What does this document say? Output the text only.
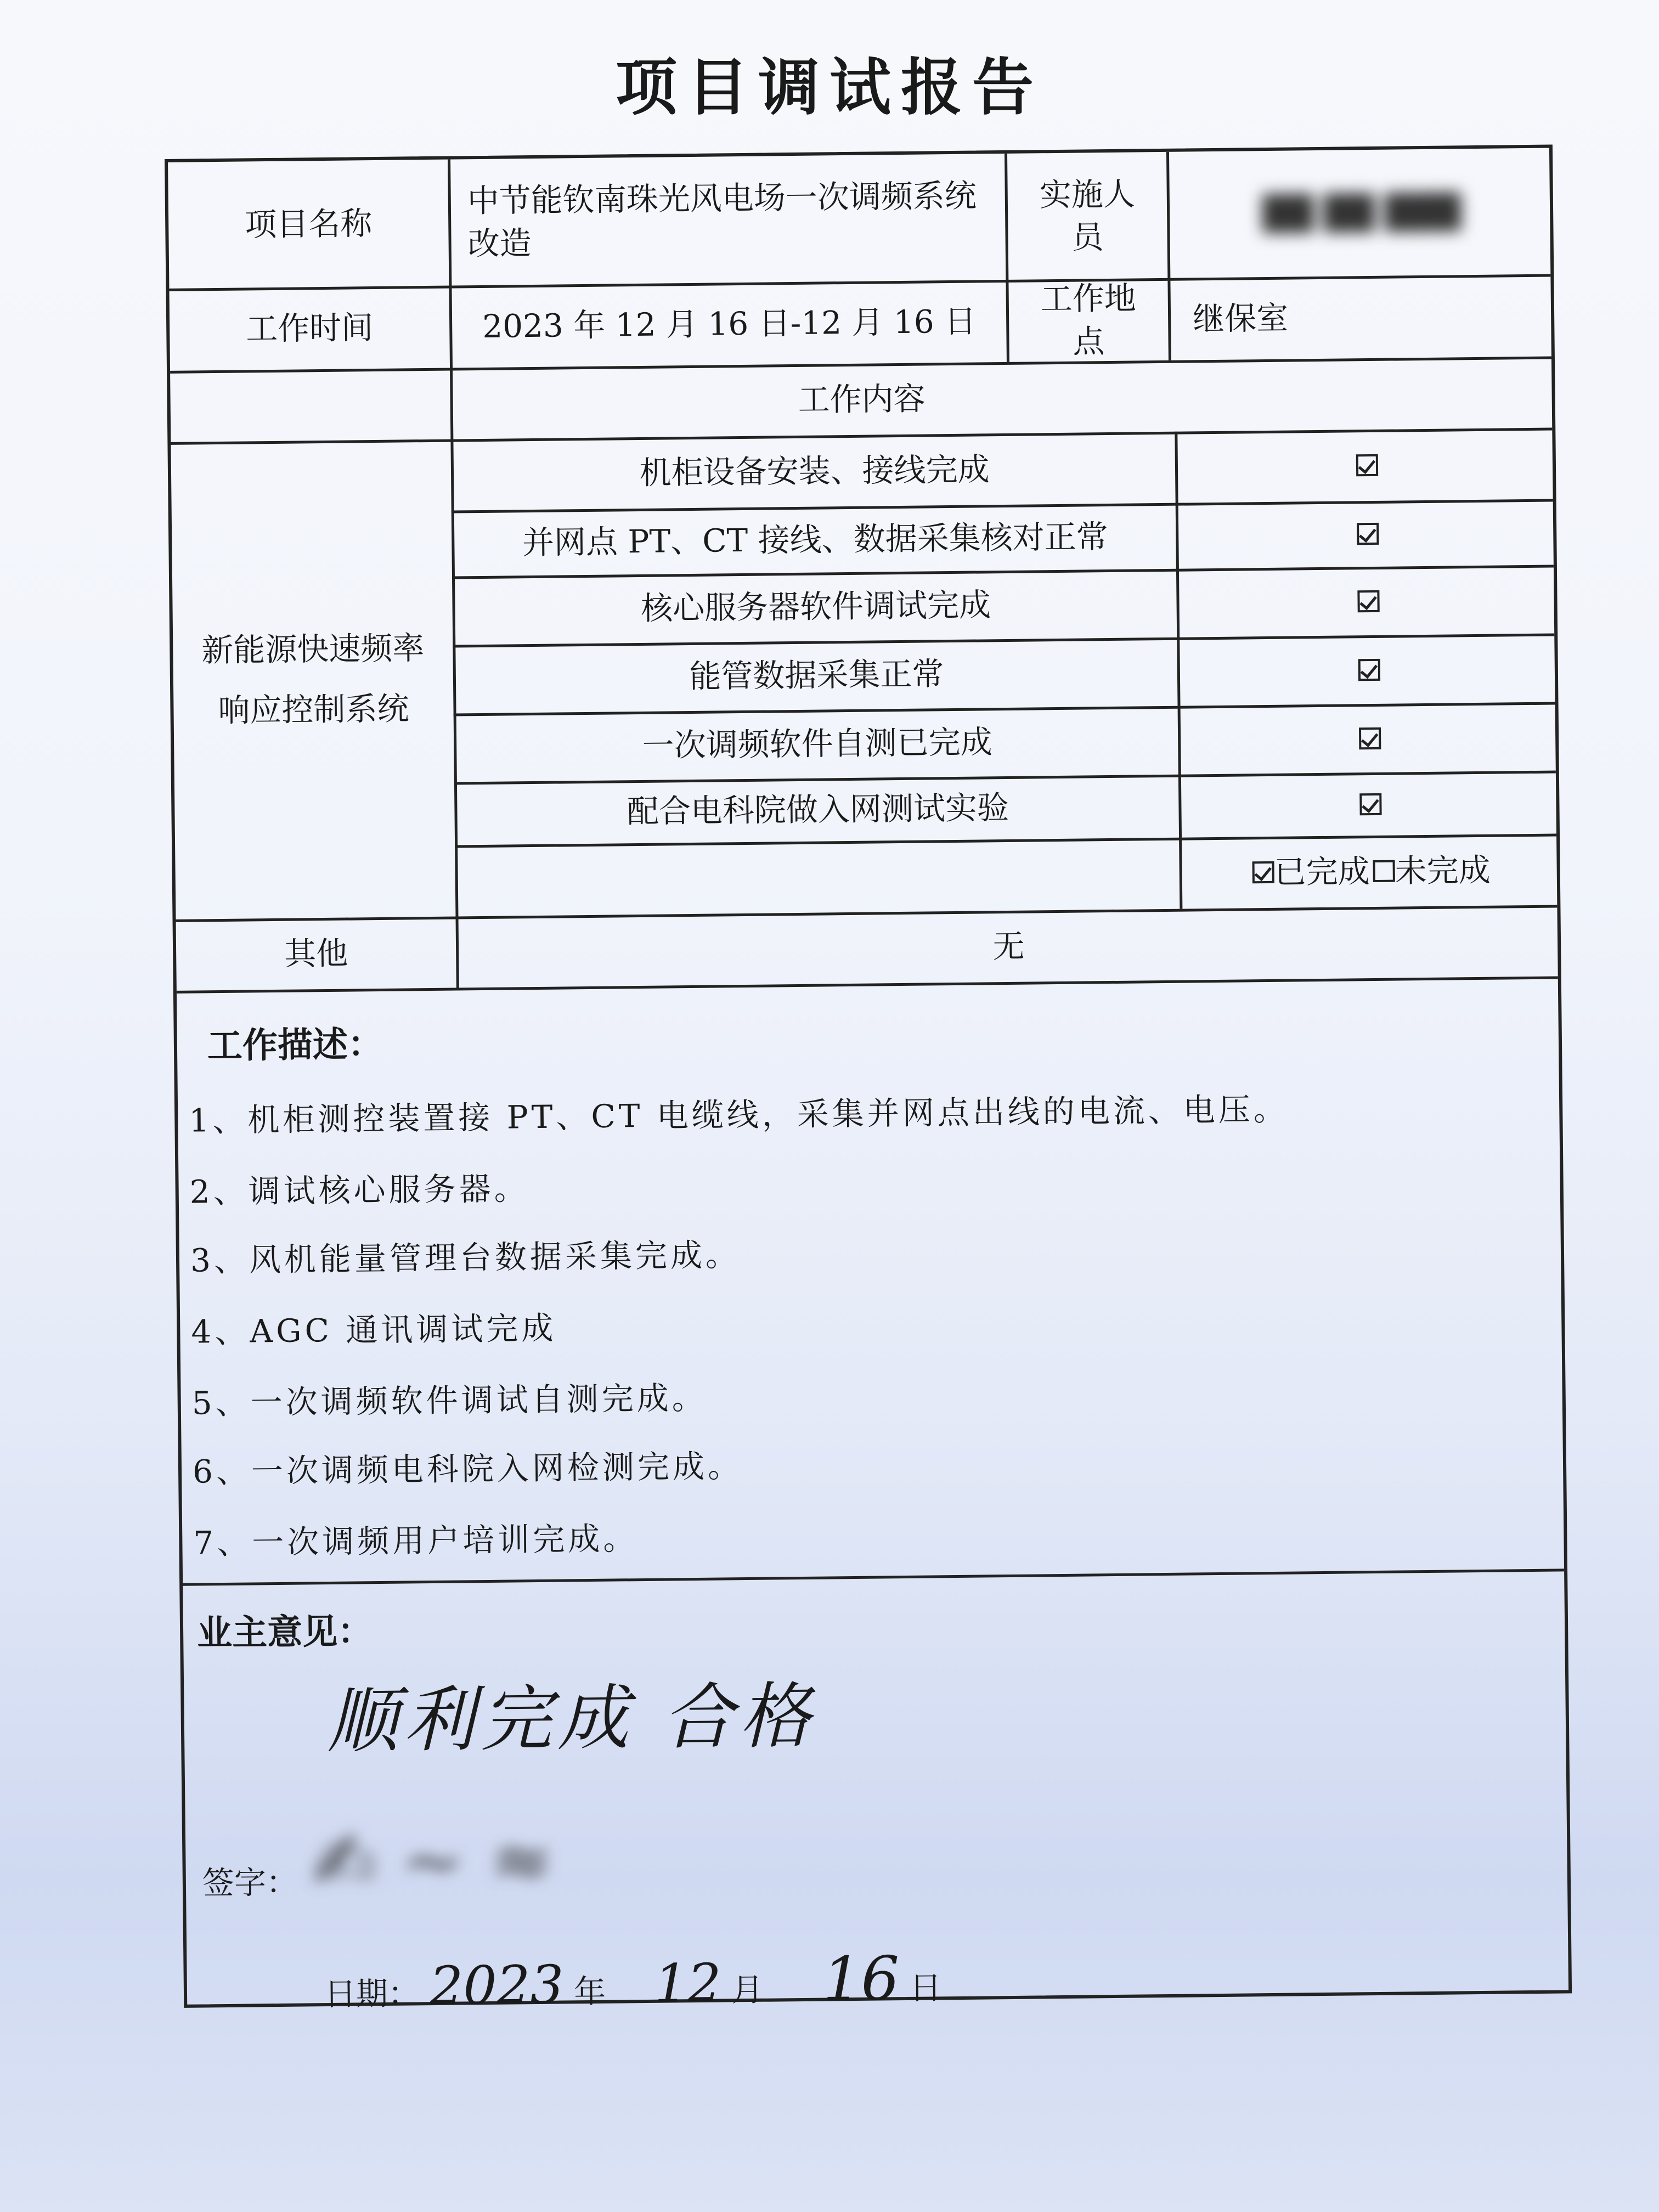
项目调试报告
项目名称
中节能钦南珠光风电场一次调频系统改造
实施人员
██ ██ ███
工作时间	2023 年 12 月 16 日-12 月 16 日
工作地点
继保室
工作内容
新能源快速频率响应控制系统
机柜设备安装、接线完成
并网点 PT、CT 接线、数据采集核对正常
核心服务器软件调试完成
能管数据采集正常
一次调频软件自测已完成
配合电科院做入网测试实验
已完成 未完成
其他	无
工作描述：
1、机柜测控装置接 PT、CT 电缆线，采集并网点出线的电流、电压。
2、调试核心服务器。
3、风机能量管理台数据采集完成。
4、AGC 通讯调试完成
5、一次调频软件调试自测完成。
6、一次调频电科院入网检测完成。
7、一次调频用户培训完成。
业主意见：
顺利完成 合格
签字： ✍︎ ~ ≈
日期： 2023 年 12 月 16 日
